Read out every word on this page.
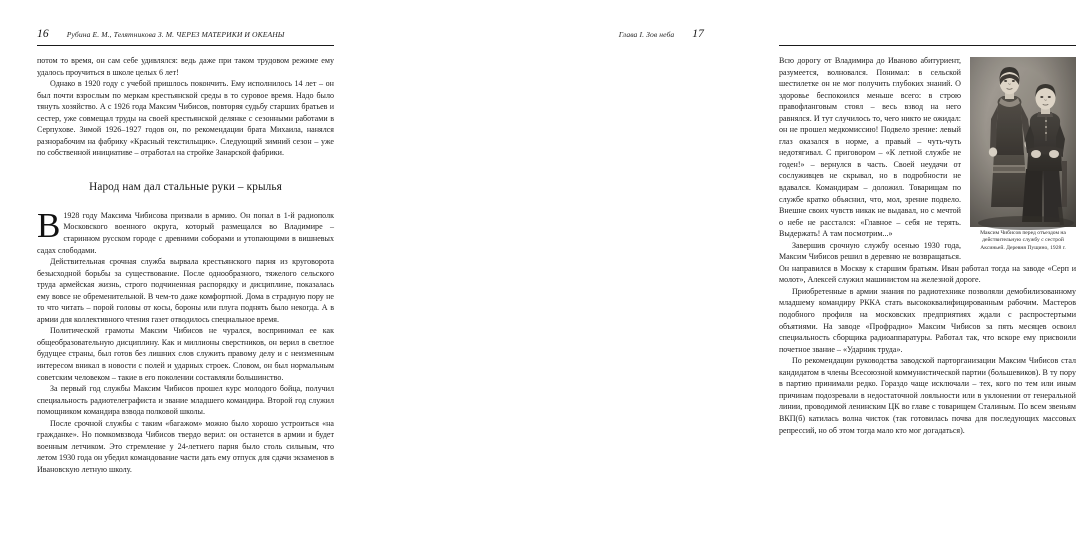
16 Рубина Е. М., Телятникова З. М. ЧЕРЕЗ МАТЕРИКИ И ОКЕАНЫ

потом то время, он сам себе удивлялся: ведь даже при таком трудовом режиме ему удалось проучиться в школе целых 6 лет!

Однако в 1920 году с учебой пришлось покончить. Ему исполнилось 14 лет – он был почти взрослым по меркам крестьянской среды в то суровое время. Надо было тянуть хозяйство. А с 1926 года Максим Чибисов, повторяя судьбу старших братьев и сестер, уже совмещал труды на своей крестьянской делянке с сезонными работами в Серпухове. Зимой 1926–1927 годов он, по рекомендации брата Михаила, нанялся разнорабочим на фабрику «Красный текстильщик». Следующий зимний сезон – уже по собственной инициативе – отработал на стройке Занарской фабрики.

Народ нам дал стальные руки – крылья

В 1928 году Максима Чибисова призвали в армию. Он попал в 1-й радиополк Московского военного округа, который размещался во Владимире – старинном русском городе с древними соборами и утопающими в вишневых садах слободами.

Действительная срочная служба вырвала крестьянского парня из круговорота безысходной борьбы за существование. После однообразного, тяжелого сельского труда армейская жизнь, строго подчиненная распорядку и дисциплине, показалась ему вовсе не обременительной. В чем-то даже комфортной. Дома в страдную пору не то что читать – порой головы от косы, бороны или плуга поднять было некогда. А в армии для коллективного чтения газет отводилось специальное время.

Политической грамоты Максим Чибисов не чурался, воспринимал ее как общеобразовательную дисциплину. Как и миллионы сверстников, он верил в светлое будущее страны, был готов без лишних слов служить правому делу и с неизменным интересом вникал в новости с полей и ударных строек. Словом, он был нормальным советским человеком – такие в его поколении составляли большинство.

За первый год службы Максим Чибисов прошел курс молодого бойца, получил специальность радиотелеграфиста и звание младшего командира. Второй год служил помощником командира взвода полковой школы.

После срочной службы с таким «багажом» можно было хорошо устроиться «на гражданке». Но помкомвзвода Чибисов твердо верил: он останется в армии и будет военным летчиком. Это стремление у 24-летнего парня было столь сильным, что летом 1930 года он убедил командование части дать ему отпуск для сдачи экзаменов в Ивановскую летную школу.

Глава I. Зов неба 17
Максим Чибисов перед отъездом на действительную службу с сестрой Аксиньей. Деревня Пущино, 1928 г.

Всю дорогу от Владимира до Иваново абитуриент, разумеется, волновался. Понимал: в сельской шестилетке он не мог получить глубоких знаний. О здоровье беспокоился меньше всего: в строю правофланговым стоял – весь взвод на него равнялся. И тут случилось то, чего никто не ожидал: он не прошел медкомиссию! Подвело зрение: левый глаз оказался в норме, а правый – чуть-чуть недотягивал. С приговором – «К летной службе не годен!» – вернулся в часть. Своей неудачи от сослуживцев не скрывал, но в подробности не вдавался. Командирам – доложил. Товарищам по службе кратко объяснил, что, мол, зрение подвело. Внешне своих чувств никак не выдавал, но с мечтой о небе не расстался: «Главное – себя не терять. Выдержать! А там посмотрим...»

Завершив срочную службу осенью 1930 года, Максим Чибисов решил в деревню не возвращаться. Он направился в Москву к старшим братьям. Иван работал тогда на заводе «Серп и молот», Алексей служил машинистом на железной дороге.

Приобретенные в армии знания по радиотехнике позволяли демобилизованному младшему командиру РККА стать высококвалифицированным рабочим. Мастеров подобного профиля на московских предприятиях ждали с распростертыми объятиями. На заводе «Профрадио» Максим Чибисов за пять месяцев освоил специальность сборщика радиоаппаратуры. Работал так, что вскоре ему присвоили почетное звание – «Ударник труда».

По рекомендации руководства заводской парторганизации Максим Чибисов стал кандидатом в члены Всесоюзной коммунистической партии (большевиков). В ту пору в партию принимали редко. Гораздо чаще исключали – тех, кого по тем или иным причинам подозревали в недостаточной лояльности или в уклонении от генеральной линии, проводимой ленинским ЦК во главе с товарищем Сталиным. По всем звеньям ВКП(б) катилась волна чисток (так готовилась почва для последующих массовых репрессий, но об этом тогда мало кто мог догадаться).
